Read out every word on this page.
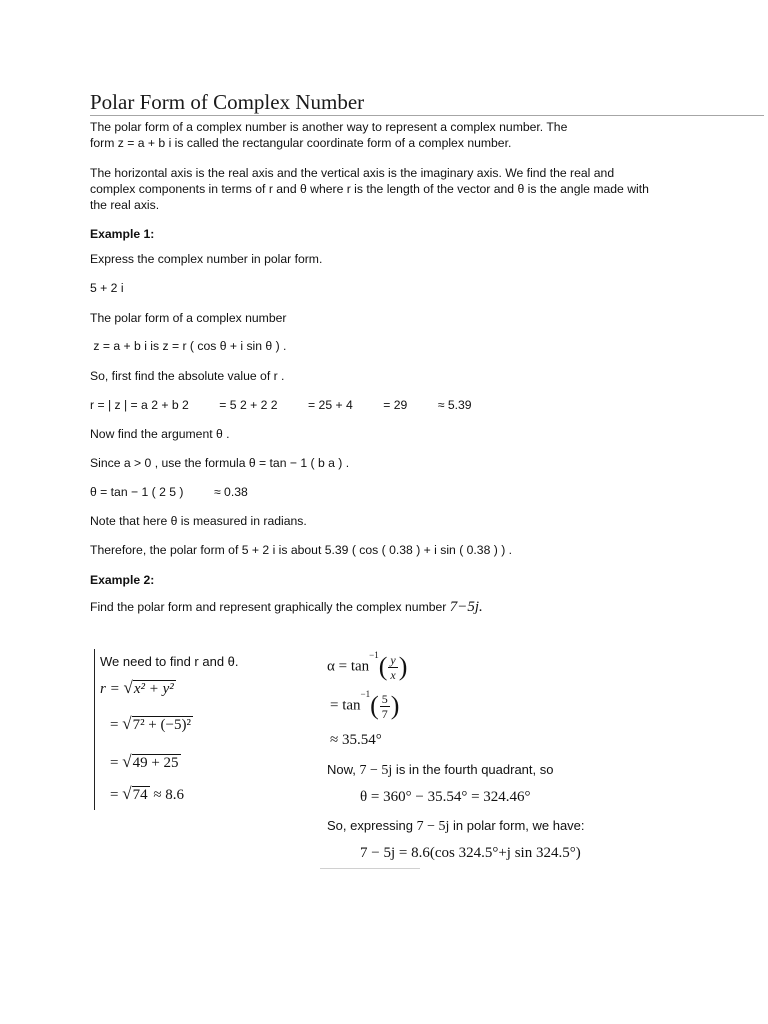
Polar Form of Complex Number
The polar form of a complex number is another way to represent a complex number. The
form z = a + b i is called the rectangular coordinate form of a complex number.
The horizontal axis is the real axis and the vertical axis is the imaginary axis. We find the real and
complex components in terms of r and θ where r is the length of the vector and θ is the angle made with
the real axis.
Example 1:
Express the complex number in polar form.
5 + 2 i
The polar form of a complex number
z = a + b i is z = r ( cos θ + i sin θ ) .
So, first find the absolute value of r .
r = | z | = a 2 + b 2         = 5 2 + 2 2         = 25 + 4         = 29         ≈ 5.39
Now find the argument θ .
Since a > 0 , use the formula θ = tan − 1 ( b a ) .
θ = tan − 1 ( 2 5 )         ≈ 0.38
Note that here θ is measured in radians.
Therefore, the polar form of 5 + 2 i is about 5.39 ( cos ( 0.38 ) + i sin ( 0.38 ) ) .
Example 2:
Find the polar form and represent graphically the complex number 7−5j.
We need to find r and θ.
r = √x² + y²
= √7² + (−5)²
= √49 + 25
= √74 ≈ 8.6
$\alpha = \tan^{-1}( \frac{y}{x}$ )
= $\tan^{-1}( \frac{5}{7}$ )
≈ 35.54°
Now, 7 − 5j is in the fourth quadrant, so
θ = 360° − 35.54° = 324.46°
So, expressing 7 − 5j in polar form, we have:
7 − 5j = 8.6(cos 324.5°+j sin 324.5°)
